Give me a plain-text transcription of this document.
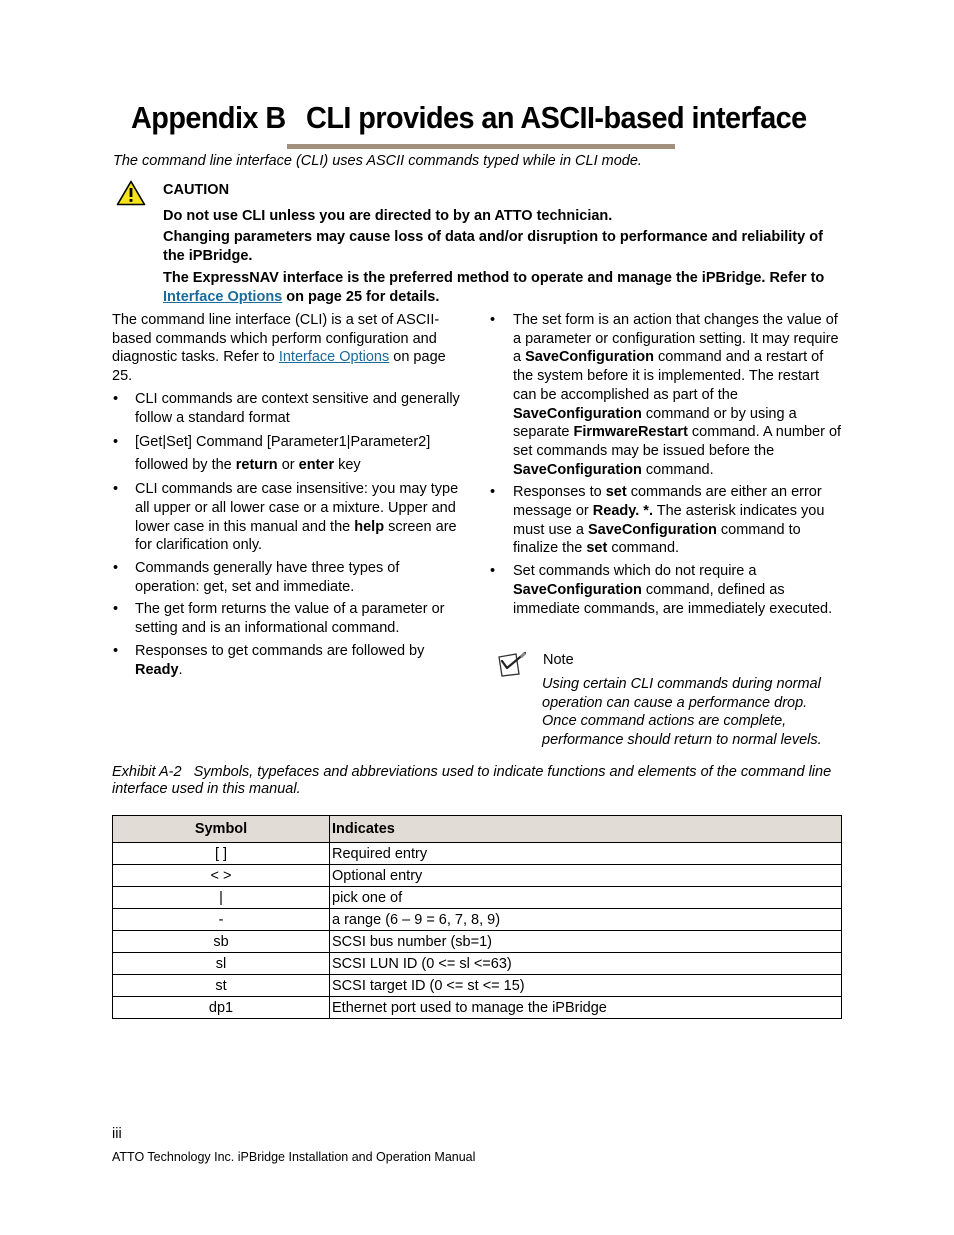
Appendix B CLI provides an ASCII-based interface
The command line interface (CLI) uses ASCII commands typed while in CLI mode.
CAUTION
Do not use CLI unless you are directed to by an ATTO technician.
Changing parameters may cause loss of data and/or disruption to performance and reliability of the iPBridge.
The ExpressNAV interface is the preferred method to operate and manage the iPBridge. Refer to Interface Options on page 25 for details.

The command line interface (CLI) is a set of ASCII-based commands which perform configuration and diagnostic tasks. Refer to Interface Options on page 25.

• CLI commands are context sensitive and generally follow a standard format
• [Get|Set] Command [Parameter1|Parameter2]
followed by the return or enter key
• CLI commands are case insensitive: you may type all upper or all lower case or a mixture. Upper and lower case in this manual and the help screen are for clarification only.
• Commands generally have three types of operation: get, set and immediate.
• The get form returns the value of a parameter or setting and is an informational command.
• Responses to get commands are followed by Ready.
• The set form is an action that changes the value of a parameter or configuration setting. It may require a SaveConfiguration command and a restart of the system before it is implemented. The restart can be accomplished as part of the SaveConfiguration command or by using a separate FirmwareRestart command. A number of set commands may be issued before the SaveConfiguration command.
• Responses to set commands are either an error message or Ready. *. The asterisk indicates you must use a SaveConfiguration command to finalize the set command.
• Set commands which do not require a SaveConfiguration command, defined as immediate commands, are immediately executed.
Note
Using certain CLI commands during normal operation can cause a performance drop. Once command actions are complete, performance should return to normal levels.
Exhibit A-2 Symbols, typefaces and abbreviations used to indicate functions and elements of the command line interface used in this manual.
Symbol	Indicates
[ ]	Required entry
< >	Optional entry
|	pick one of
-	a range (6 – 9 = 6, 7, 8, 9)
sb	SCSI bus number (sb=1)
sl	SCSI LUN ID (0 <= sl <=63)
st	SCSI target ID (0 <= st <= 15)
dp1	Ethernet port used to manage the iPBridge
iii
ATTO Technology Inc. iPBridge Installation and Operation Manual
